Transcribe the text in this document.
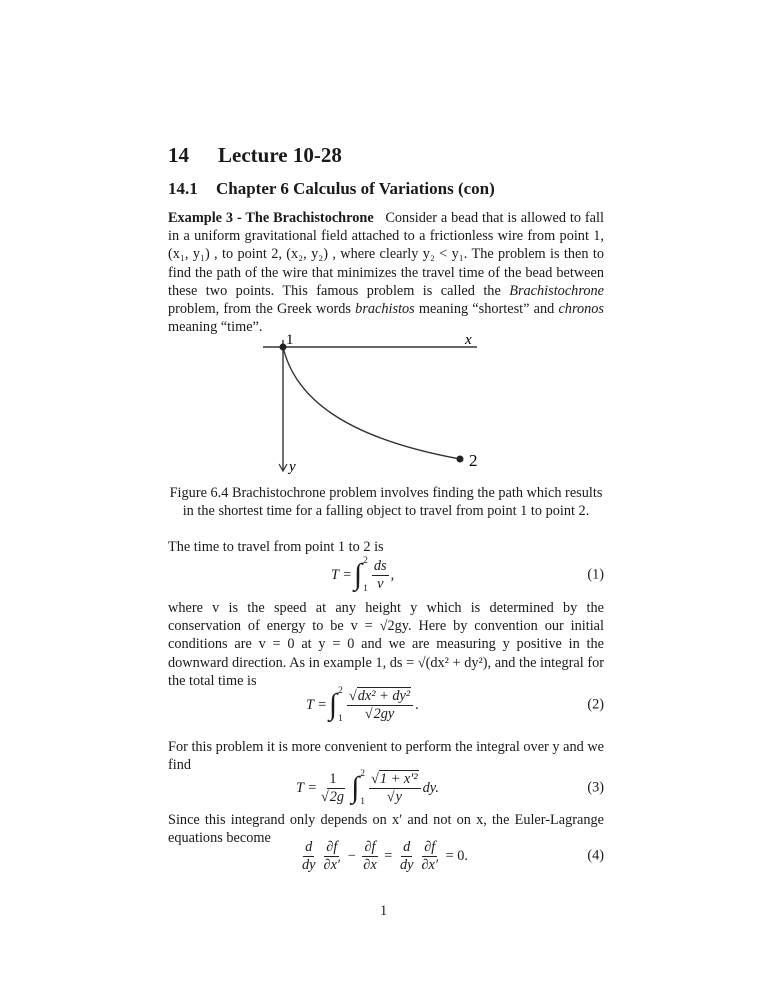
14 Lecture 10-28
14.1 Chapter 6 Calculus of Variations (con)
Example 3 - The Brachistochrone Consider a bead that is allowed to fall in a uniform gravitational field attached to a frictionless wire from point 1, (x₁, y₁) , to point 2, (x₂, y₂) , where clearly y₂ < y₁. The problem is then to find the path of the wire that minimizes the travel time of the bead between these two points. This famous problem is called the Brachistochrone problem, from the Greek words brachistos meaning “shortest” and chronos meaning “time”.
1
2
x
y
Figure 6.4 Brachistochrone problem involves finding the path which results in the shortest time for a falling object to travel from point 1 to point 2.
The time to travel from point 1 to 2 is
T = ∫ 2
$1 \frac{ds}{v}$ ,	(1)
where v is the speed at any height y which is determined by the conservation of energy to be v = √2gy. Here by convention our initial conditions are v = 0 at y = 0 and we are measuring y positive in the downward direction. As in example 1, ds = √(dx² + dy²), and the integral for the total time is
T = ∫ 2
$1 \frac{\text{√dx² + dy²}}{√2gy}$ .	(2)
For this problem it is more convenient to perform the integral over y and we find
$T = \frac{1}{√2g}$ ∫ 2
$1 \frac{\text{√1 + x′²}}{√y}$ dy.	(3)
Since this integrand only depends on x′ and not on x, the Euler-Lagrange equations become
$\frac{d}{dy} \frac{\partial f}{\partial x'}$
−
$\frac{\partial f}{\partial x}$
=
$\frac{d}{dy} \frac{\partial f}{\partial x'}$
= 0.	(4)
1
